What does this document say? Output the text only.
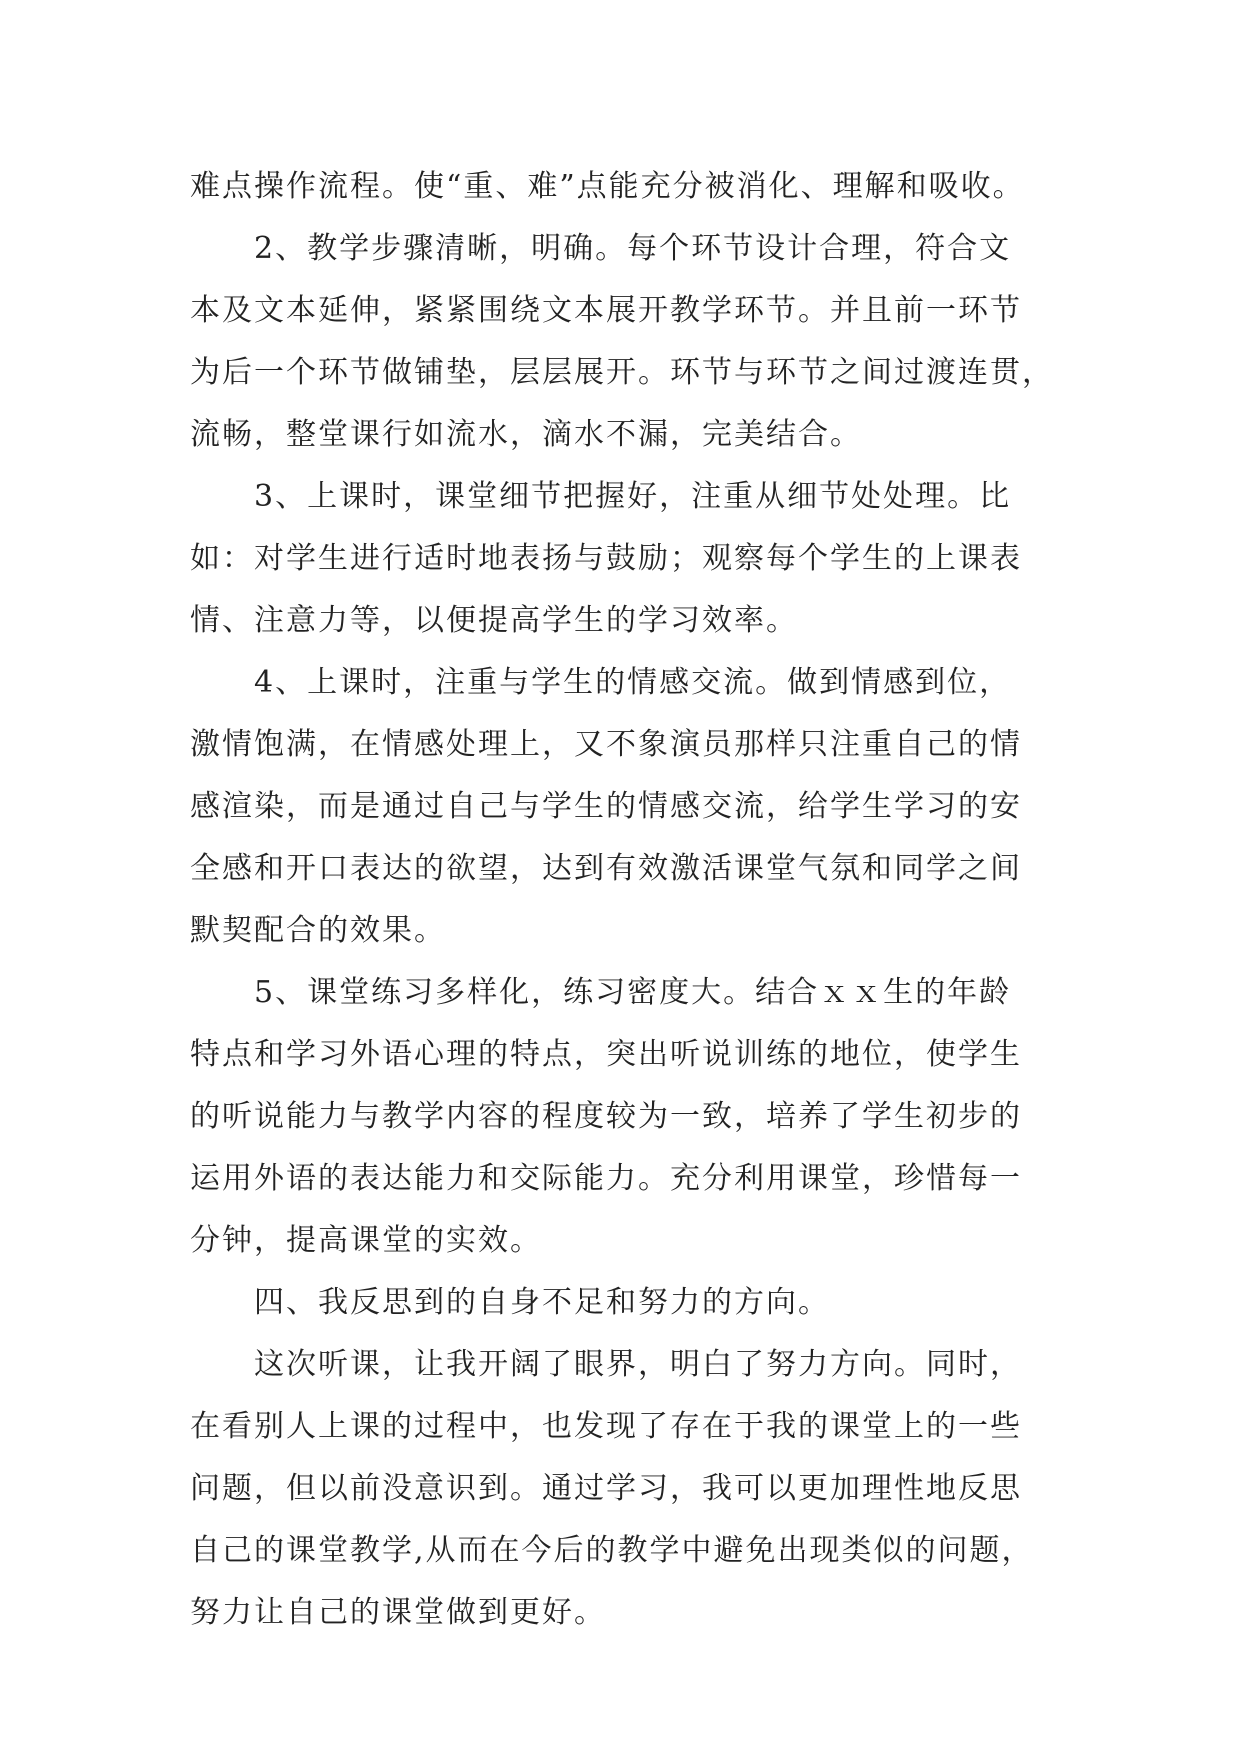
难点操作流程。使“重、难”点能充分被消化、理解和吸收。
2、教学步骤清晰，明确。每个环节设计合理，符合文
本及文本延伸，紧紧围绕文本展开教学环节。并且前一环节
为后一个环节做铺垫，层层展开。环节与环节之间过渡连贯，
流畅，整堂课行如流水，滴水不漏，完美结合。
3、上课时，课堂细节把握好，注重从细节处处理。比
如：对学生进行适时地表扬与鼓励；观察每个学生的上课表
情、注意力等，以便提高学生的学习效率。
4、上课时，注重与学生的情感交流。做到情感到位，
激情饱满，在情感处理上，又不象演员那样只注重自己的情
感渲染，而是通过自己与学生的情感交流，给学生学习的安
全感和开口表达的欲望，达到有效激活课堂气氛和同学之间
默契配合的效果。
5、课堂练习多样化，练习密度大。结合ｘｘ生的年龄
特点和学习外语心理的特点，突出听说训练的地位，使学生
的听说能力与教学内容的程度较为一致，培养了学生初步的
运用外语的表达能力和交际能力。充分利用课堂，珍惜每一
分钟，提高课堂的实效。
四、我反思到的自身不足和努力的方向。
这次听课，让我开阔了眼界，明白了努力方向。同时，
在看别人上课的过程中，也发现了存在于我的课堂上的一些
问题，但以前没意识到。通过学习，我可以更加理性地反思
自己的课堂教学,从而在今后的教学中避免出现类似的问题，
努力让自己的课堂做到更好。
